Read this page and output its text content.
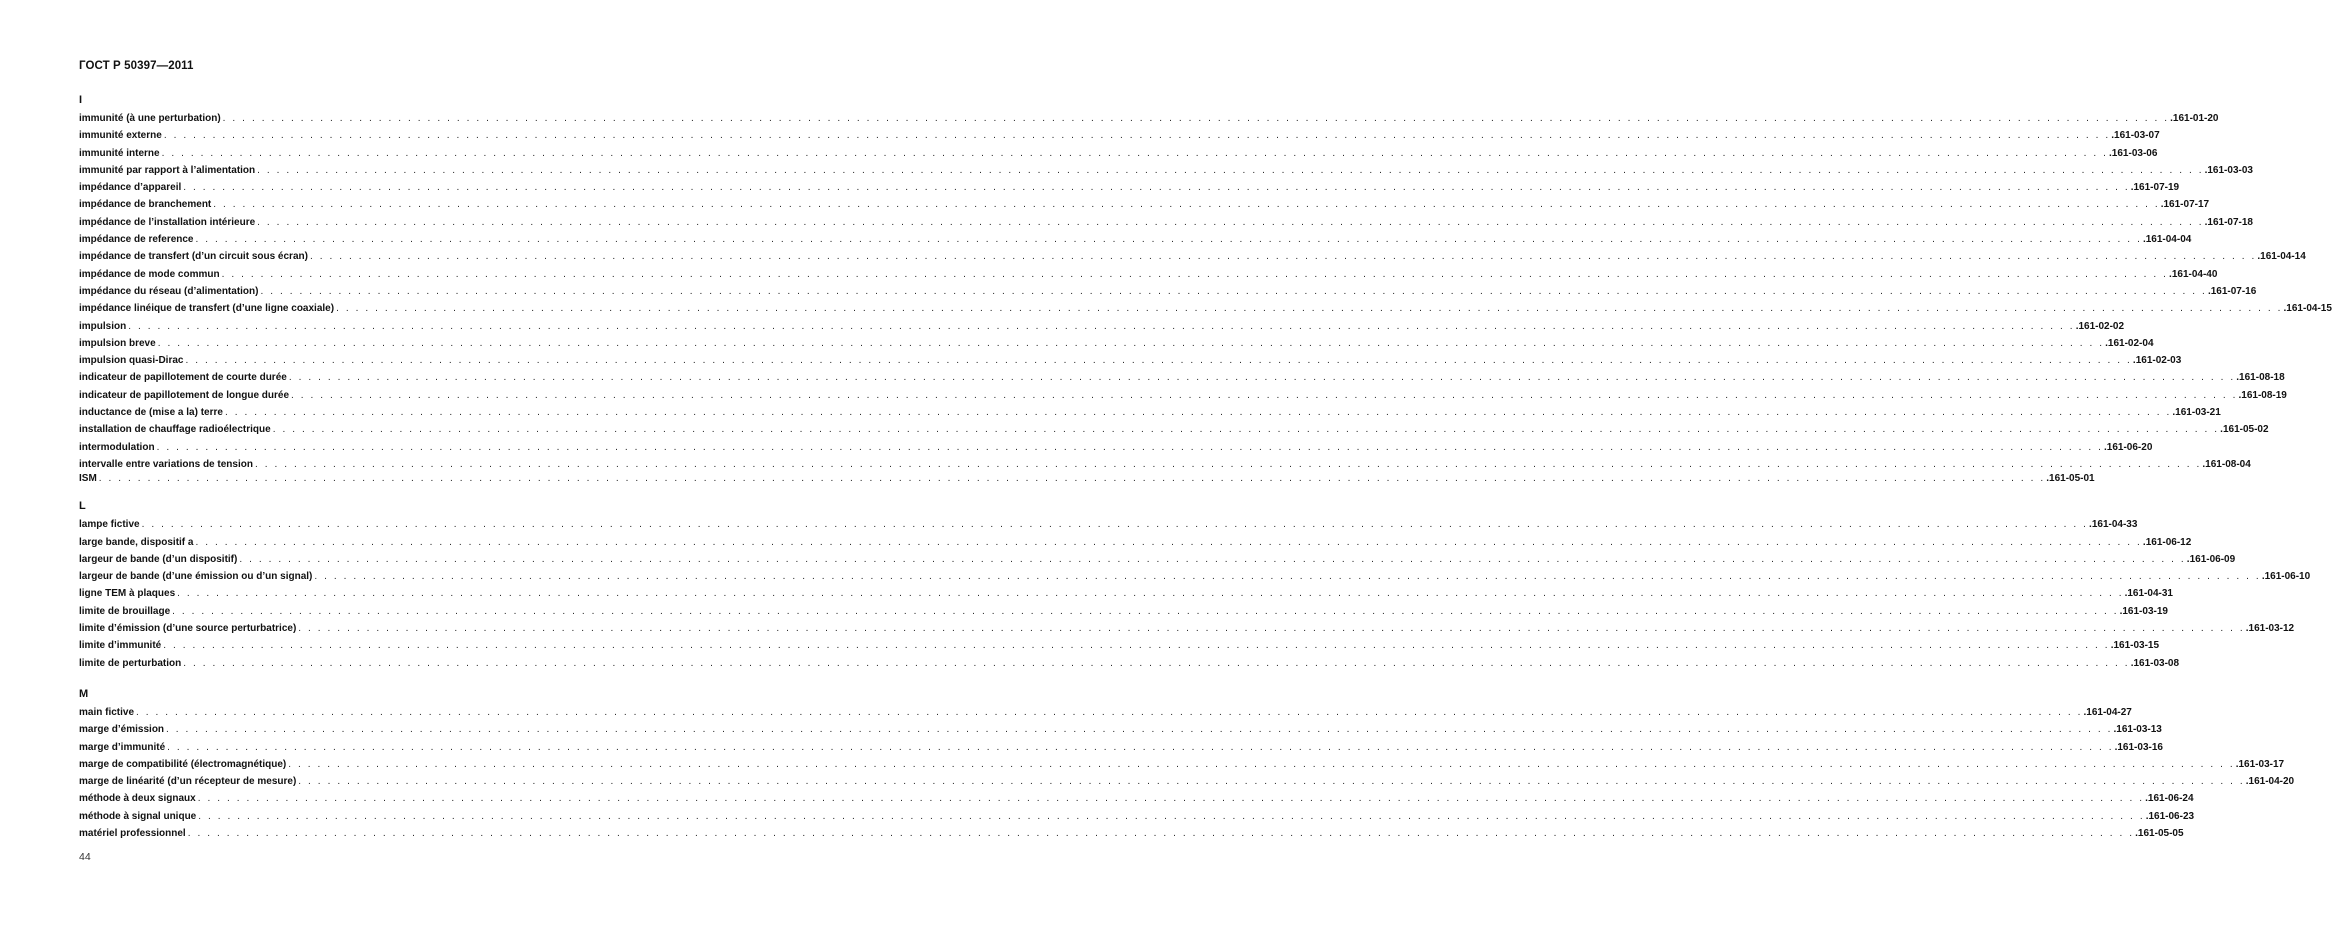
ГОСТ Р 50397—2011
I
immunité (à une perturbation) . . . . . . . . . . . . . . . . . . . . . . . . . . . . . . . . . . . . . . . . . . . . . . . . . . . . . . . . . . . . . . . . . . . . . . . . . . . . . . . . . . . . . . . . . . . . . . . . . . . . . . . . . . . . . . . . . . . . . . . . . . . . . . . . . . . . . . . . . . . . . . . . . . . . . . . . . . . . . . . . . . . . . . . . . . . . . . . . . . . . . . . . . . . . . . . . . . . . . . . . .161-01-20
immunité externe . . . . . . . . . . . . . . . . . . . . . . . . . . . . . . . . . . . . . . . . . . . . . . . . . . . . . . . . . . . . . . . . . . . . . . . . . . . . . . . . . . . . . . . . . . . . . . . . . . . . . . . . . . . . . . . . . . . . . . . . . . . . . . . . . . . . . . . . . . . . . . . . . . . . . . . . . . . . . . . . . . . . . . . . . . . . . . . . . . . . . . . . . . . . . . . . . . . . . . . . .161-03-07
immunité interne . . . . . . . . . . . . . . . . . . . . . . . . . . . . . . . . . . . . . . . . . . . . . . . . . . . . . . . . . . . . . . . . . . . . . . . . . . . . . . . . . . . . . . . . . . . . . . . . . . . . . . . . . . . . . . . . . . . . . . . . . . . . . . . . . . . . . . . . . . . . . . . . . . . . . . . . . . . . . . . . . . . . . . . . . . . . . . . . . . . . . . . . . . . . . . . . . . . . . . . . .161-03-06
immunité par rapport à l’alimentation . . . . . . . . . . . . . . . . . . . . . . . . . . . . . . . . . . . . . . . . . . . . . . . . . . . . . . . . . . . . . . . . . . . . . . . . . . . . . . . . . . . . . . . . . . . . . . . . . . . . . . . . . . . . . . . . . . . . . . . . . . . . . . . . . . . . . . . . . . . . . . . . . . . . . . . . . . . . . . . . . . . . . . . . . . . . . . . . . . . . . . . . . . . . . . . . . . . . . . . . .161-03-03
impédance d’appareil . . . . . . . . . . . . . . . . . . . . . . . . . . . . . . . . . . . . . . . . . . . . . . . . . . . . . . . . . . . . . . . . . . . . . . . . . . . . . . . . . . . . . . . . . . . . . . . . . . . . . . . . . . . . . . . . . . . . . . . . . . . . . . . . . . . . . . . . . . . . . . . . . . . . . . . . . . . . . . . . . . . . . . . . . . . . . . . . . . . . . . . . . . . . . . . . . . . . . . . . .161-07-19
impédance de branchement . . . . . . . . . . . . . . . . . . . . . . . . . . . . . . . . . . . . . . . . . . . . . . . . . . . . . . . . . . . . . . . . . . . . . . . . . . . . . . . . . . . . . . . . . . . . . . . . . . . . . . . . . . . . . . . . . . . . . . . . . . . . . . . . . . . . . . . . . . . . . . . . . . . . . . . . . . . . . . . . . . . . . . . . . . . . . . . . . . . . . . . . . . . . . . . . . . . . . . . . .161-07-17
impédance de l’installation intérieure . . . . . . . . . . . . . . . . . . . . . . . . . . . . . . . . . . . . . . . . . . . . . . . . . . . . . . . . . . . . . . . . . . . . . . . . . . . . . . . . . . . . . . . . . . . . . . . . . . . . . . . . . . . . . . . . . . . . . . . . . . . . . . . . . . . . . . . . . . . . . . . . . . . . . . . . . . . . . . . . . . . . . . . . . . . . . . . . . . . . . . . . . . . . . . . . . . . . . . . . .161-07-18
impédance de reference . . . . . . . . . . . . . . . . . . . . . . . . . . . . . . . . . . . . . . . . . . . . . . . . . . . . . . . . . . . . . . . . . . . . . . . . . . . . . . . . . . . . . . . . . . . . . . . . . . . . . . . . . . . . . . . . . . . . . . . . . . . . . . . . . . . . . . . . . . . . . . . . . . . . . . . . . . . . . . . . . . . . . . . . . . . . . . . . . . . . . . . . . . . . . . . . . . . . . . . . .161-04-04
impédance de transfert (d’un circuit sous écran) . . . . . . . . . . . . . . . . . . . . . . . . . . . . . . . . . . . . . . . . . . . . . . . . . . . . . . . . . . . . . . . . . . . . . . . . . . . . . . . . . . . . . . . . . . . . . . . . . . . . . . . . . . . . . . . . . . . . . . . . . . . . . . . . . . . . . . . . . . . . . . . . . . . . . . . . . . . . . . . . . . . . . . . . . . . . . . . . . . . . . . . . . . . . . . . . . . . . . . . . .161-04-14
impédance de mode commun . . . . . . . . . . . . . . . . . . . . . . . . . . . . . . . . . . . . . . . . . . . . . . . . . . . . . . . . . . . . . . . . . . . . . . . . . . . . . . . . . . . . . . . . . . . . . . . . . . . . . . . . . . . . . . . . . . . . . . . . . . . . . . . . . . . . . . . . . . . . . . . . . . . . . . . . . . . . . . . . . . . . . . . . . . . . . . . . . . . . . . . . . . . . . . . . . . . . . . . . .161-04-40
impédance du réseau (d’alimentation) . . . . . . . . . . . . . . . . . . . . . . . . . . . . . . . . . . . . . . . . . . . . . . . . . . . . . . . . . . . . . . . . . . . . . . . . . . . . . . . . . . . . . . . . . . . . . . . . . . . . . . . . . . . . . . . . . . . . . . . . . . . . . . . . . . . . . . . . . . . . . . . . . . . . . . . . . . . . . . . . . . . . . . . . . . . . . . . . . . . . . . . . . . . . . . . . . . . . . . . . .161-07-16
impédance linéique de transfert (d’une ligne coaxiale) . . . . . . . . . . . . . . . . . . . . . . . . . . . . . . . . . . . . . . . . . . . . . . . . . . . . . . . . . . . . . . . . . . . . . . . . . . . . . . . . . . . . . . . . . . . . . . . . . . . . . . . . . . . . . . . . . . . . . . . . . . . . . . . . . . . . . . . . . . . . . . . . . . . . . . . . . . . . . . . . . . . . . . . . . . . . . . . . . . . . . . . . . . . . . . . . . . . . . . . . .161-04-15
impulsion . . . . . . . . . . . . . . . . . . . . . . . . . . . . . . . . . . . . . . . . . . . . . . . . . . . . . . . . . . . . . . . . . . . . . . . . . . . . . . . . . . . . . . . . . . . . . . . . . . . . . . . . . . . . . . . . . . . . . . . . . . . . . . . . . . . . . . . . . . . . . . . . . . . . . . . . . . . . . . . . . . . . . . . . . . . . . . . . . . . . . . . . . . . . . . . . . . . . . . . . .161-02-02
impulsion breve . . . . . . . . . . . . . . . . . . . . . . . . . . . . . . . . . . . . . . . . . . . . . . . . . . . . . . . . . . . . . . . . . . . . . . . . . . . . . . . . . . . . . . . . . . . . . . . . . . . . . . . . . . . . . . . . . . . . . . . . . . . . . . . . . . . . . . . . . . . . . . . . . . . . . . . . . . . . . . . . . . . . . . . . . . . . . . . . . . . . . . . . . . . . . . . . . . . . . . . . .161-02-04
impulsion quasi-Dirac . . . . . . . . . . . . . . . . . . . . . . . . . . . . . . . . . . . . . . . . . . . . . . . . . . . . . . . . . . . . . . . . . . . . . . . . . . . . . . . . . . . . . . . . . . . . . . . . . . . . . . . . . . . . . . . . . . . . . . . . . . . . . . . . . . . . . . . . . . . . . . . . . . . . . . . . . . . . . . . . . . . . . . . . . . . . . . . . . . . . . . . . . . . . . . . . . . . . . . . . .161-02-03
indicateur de papillotement de courte durée . . . . . . . . . . . . . . . . . . . . . . . . . . . . . . . . . . . . . . . . . . . . . . . . . . . . . . . . . . . . . . . . . . . . . . . . . . . . . . . . . . . . . . . . . . . . . . . . . . . . . . . . . . . . . . . . . . . . . . . . . . . . . . . . . . . . . . . . . . . . . . . . . . . . . . . . . . . . . . . . . . . . . . . . . . . . . . . . . . . . . . . . . . . . . . . . . . . . . . . . .161-08-18
indicateur de papillotement de longue durée . . . . . . . . . . . . . . . . . . . . . . . . . . . . . . . . . . . . . . . . . . . . . . . . . . . . . . . . . . . . . . . . . . . . . . . . . . . . . . . . . . . . . . . . . . . . . . . . . . . . . . . . . . . . . . . . . . . . . . . . . . . . . . . . . . . . . . . . . . . . . . . . . . . . . . . . . . . . . . . . . . . . . . . . . . . . . . . . . . . . . . . . . . . . . . . . . . . . . . . . .161-08-19
inductance de (mise a la) terre . . . . . . . . . . . . . . . . . . . . . . . . . . . . . . . . . . . . . . . . . . . . . . . . . . . . . . . . . . . . . . . . . . . . . . . . . . . . . . . . . . . . . . . . . . . . . . . . . . . . . . . . . . . . . . . . . . . . . . . . . . . . . . . . . . . . . . . . . . . . . . . . . . . . . . . . . . . . . . . . . . . . . . . . . . . . . . . . . . . . . . . . . . . . . . . . . . . . . . . . .161-03-21
installation de chauffage radioélectrique . . . . . . . . . . . . . . . . . . . . . . . . . . . . . . . . . . . . . . . . . . . . . . . . . . . . . . . . . . . . . . . . . . . . . . . . . . . . . . . . . . . . . . . . . . . . . . . . . . . . . . . . . . . . . . . . . . . . . . . . . . . . . . . . . . . . . . . . . . . . . . . . . . . . . . . . . . . . . . . . . . . . . . . . . . . . . . . . . . . . . . . . . . . . . . . . . . . . . . . . .161-05-02
intermodulation . . . . . . . . . . . . . . . . . . . . . . . . . . . . . . . . . . . . . . . . . . . . . . . . . . . . . . . . . . . . . . . . . . . . . . . . . . . . . . . . . . . . . . . . . . . . . . . . . . . . . . . . . . . . . . . . . . . . . . . . . . . . . . . . . . . . . . . . . . . . . . . . . . . . . . . . . . . . . . . . . . . . . . . . . . . . . . . . . . . . . . . . . . . . . . . . . . . . . . . . .161-06-20
intervalle entre variations de tension . . . . . . . . . . . . . . . . . . . . . . . . . . . . . . . . . . . . . . . . . . . . . . . . . . . . . . . . . . . . . . . . . . . . . . . . . . . . . . . . . . . . . . . . . . . . . . . . . . . . . . . . . . . . . . . . . . . . . . . . . . . . . . . . . . . . . . . . . . . . . . . . . . . . . . . . . . . . . . . . . . . . . . . . . . . . . . . . . . . . . . . . . . . . . . . . . . . . . . . . .161-08-04
ISM . . . . . . . . . . . . . . . . . . . . . . . . . . . . . . . . . . . . . . . . . . . . . . . . . . . . . . . . . . . . . . . . . . . . . . . . . . . . . . . . . . . . . . . . . . . . . . . . . . . . . . . . . . . . . . . . . . . . . . . . . . . . . . . . . . . . . . . . . . . . . . . . . . . . . . . . . . . . . . . . . . . . . . . . . . . . . . . . . . . . . . . . . . . . . . . . . . . . . . . . .161-05-01
L
lampe fictive . . . . . . . . . . . . . . . . . . . . . . . . . . . . . . . . . . . . . . . . . . . . . . . . . . . . . . . . . . . . . . . . . . . . . . . . . . . . . . . . . . . . . . . . . . . . . . . . . . . . . . . . . . . . . . . . . . . . . . . . . . . . . . . . . . . . . . . . . . . . . . . . . . . . . . . . . . . . . . . . . . . . . . . . . . . . . . . . . . . . . . . . . . . . . . . . . . . . . . . . .161-04-33
large bande, dispositif a . . . . . . . . . . . . . . . . . . . . . . . . . . . . . . . . . . . . . . . . . . . . . . . . . . . . . . . . . . . . . . . . . . . . . . . . . . . . . . . . . . . . . . . . . . . . . . . . . . . . . . . . . . . . . . . . . . . . . . . . . . . . . . . . . . . . . . . . . . . . . . . . . . . . . . . . . . . . . . . . . . . . . . . . . . . . . . . . . . . . . . . . . . . . . . . . . . . . . . . . .161-06-12
largeur de bande (d’un dispositif) . . . . . . . . . . . . . . . . . . . . . . . . . . . . . . . . . . . . . . . . . . . . . . . . . . . . . . . . . . . . . . . . . . . . . . . . . . . . . . . . . . . . . . . . . . . . . . . . . . . . . . . . . . . . . . . . . . . . . . . . . . . . . . . . . . . . . . . . . . . . . . . . . . . . . . . . . . . . . . . . . . . . . . . . . . . . . . . . . . . . . . . . . . . . . . . . . . . . . . . . .161-06-09
largeur de bande (d’une émission ou d’un signal) . . . . . . . . . . . . . . . . . . . . . . . . . . . . . . . . . . . . . . . . . . . . . . . . . . . . . . . . . . . . . . . . . . . . . . . . . . . . . . . . . . . . . . . . . . . . . . . . . . . . . . . . . . . . . . . . . . . . . . . . . . . . . . . . . . . . . . . . . . . . . . . . . . . . . . . . . . . . . . . . . . . . . . . . . . . . . . . . . . . . . . . . . . . . . . . . . . . . . . . . .161-06-10
ligne TEM à plaques . . . . . . . . . . . . . . . . . . . . . . . . . . . . . . . . . . . . . . . . . . . . . . . . . . . . . . . . . . . . . . . . . . . . . . . . . . . . . . . . . . . . . . . . . . . . . . . . . . . . . . . . . . . . . . . . . . . . . . . . . . . . . . . . . . . . . . . . . . . . . . . . . . . . . . . . . . . . . . . . . . . . . . . . . . . . . . . . . . . . . . . . . . . . . . . . . . . . . . . . .161-04-31
limite de brouillage . . . . . . . . . . . . . . . . . . . . . . . . . . . . . . . . . . . . . . . . . . . . . . . . . . . . . . . . . . . . . . . . . . . . . . . . . . . . . . . . . . . . . . . . . . . . . . . . . . . . . . . . . . . . . . . . . . . . . . . . . . . . . . . . . . . . . . . . . . . . . . . . . . . . . . . . . . . . . . . . . . . . . . . . . . . . . . . . . . . . . . . . . . . . . . . . . . . . . . . . .161-03-19
limite d’émission (d’une source perturbatrice) . . . . . . . . . . . . . . . . . . . . . . . . . . . . . . . . . . . . . . . . . . . . . . . . . . . . . . . . . . . . . . . . . . . . . . . . . . . . . . . . . . . . . . . . . . . . . . . . . . . . . . . . . . . . . . . . . . . . . . . . . . . . . . . . . . . . . . . . . . . . . . . . . . . . . . . . . . . . . . . . . . . . . . . . . . . . . . . . . . . . . . . . . . . . . . . . . . . . . . . . .161-03-12
limite d’immunité . . . . . . . . . . . . . . . . . . . . . . . . . . . . . . . . . . . . . . . . . . . . . . . . . . . . . . . . . . . . . . . . . . . . . . . . . . . . . . . . . . . . . . . . . . . . . . . . . . . . . . . . . . . . . . . . . . . . . . . . . . . . . . . . . . . . . . . . . . . . . . . . . . . . . . . . . . . . . . . . . . . . . . . . . . . . . . . . . . . . . . . . . . . . . . . . . . . . . . . . .161-03-15
limite de perturbation . . . . . . . . . . . . . . . . . . . . . . . . . . . . . . . . . . . . . . . . . . . . . . . . . . . . . . . . . . . . . . . . . . . . . . . . . . . . . . . . . . . . . . . . . . . . . . . . . . . . . . . . . . . . . . . . . . . . . . . . . . . . . . . . . . . . . . . . . . . . . . . . . . . . . . . . . . . . . . . . . . . . . . . . . . . . . . . . . . . . . . . . . . . . . . . . . . . . . . . . .161-03-08
M
main fictive . . . . . . . . . . . . . . . . . . . . . . . . . . . . . . . . . . . . . . . . . . . . . . . . . . . . . . . . . . . . . . . . . . . . . . . . . . . . . . . . . . . . . . . . . . . . . . . . . . . . . . . . . . . . . . . . . . . . . . . . . . . . . . . . . . . . . . . . . . . . . . . . . . . . . . . . . . . . . . . . . . . . . . . . . . . . . . . . . . . . . . . . . . . . . . . . . . . . . . . . .161-04-27
marge d’émission . . . . . . . . . . . . . . . . . . . . . . . . . . . . . . . . . . . . . . . . . . . . . . . . . . . . . . . . . . . . . . . . . . . . . . . . . . . . . . . . . . . . . . . . . . . . . . . . . . . . . . . . . . . . . . . . . . . . . . . . . . . . . . . . . . . . . . . . . . . . . . . . . . . . . . . . . . . . . . . . . . . . . . . . . . . . . . . . . . . . . . . . . . . . . . . . . . . . . . . . .161-03-13
marge d’immunité . . . . . . . . . . . . . . . . . . . . . . . . . . . . . . . . . . . . . . . . . . . . . . . . . . . . . . . . . . . . . . . . . . . . . . . . . . . . . . . . . . . . . . . . . . . . . . . . . . . . . . . . . . . . . . . . . . . . . . . . . . . . . . . . . . . . . . . . . . . . . . . . . . . . . . . . . . . . . . . . . . . . . . . . . . . . . . . . . . . . . . . . . . . . . . . . . . . . . . . . .161-03-16
marge de compatibilité (électromagnétique) . . . . . . . . . . . . . . . . . . . . . . . . . . . . . . . . . . . . . . . . . . . . . . . . . . . . . . . . . . . . . . . . . . . . . . . . . . . . . . . . . . . . . . . . . . . . . . . . . . . . . . . . . . . . . . . . . . . . . . . . . . . . . . . . . . . . . . . . . . . . . . . . . . . . . . . . . . . . . . . . . . . . . . . . . . . . . . . . . . . . . . . . . . . . . . . . . . . . . . . . .161-03-17
marge de linéarité (d’un récepteur de mesure) . . . . . . . . . . . . . . . . . . . . . . . . . . . . . . . . . . . . . . . . . . . . . . . . . . . . . . . . . . . . . . . . . . . . . . . . . . . . . . . . . . . . . . . . . . . . . . . . . . . . . . . . . . . . . . . . . . . . . . . . . . . . . . . . . . . . . . . . . . . . . . . . . . . . . . . . . . . . . . . . . . . . . . . . . . . . . . . . . . . . . . . . . . . . . . . . . . . . . . . . .161-04-20
méthode à deux signaux . . . . . . . . . . . . . . . . . . . . . . . . . . . . . . . . . . . . . . . . . . . . . . . . . . . . . . . . . . . . . . . . . . . . . . . . . . . . . . . . . . . . . . . . . . . . . . . . . . . . . . . . . . . . . . . . . . . . . . . . . . . . . . . . . . . . . . . . . . . . . . . . . . . . . . . . . . . . . . . . . . . . . . . . . . . . . . . . . . . . . . . . . . . . . . . . . . . . . . . . .161-06-24
méthode à signal unique . . . . . . . . . . . . . . . . . . . . . . . . . . . . . . . . . . . . . . . . . . . . . . . . . . . . . . . . . . . . . . . . . . . . . . . . . . . . . . . . . . . . . . . . . . . . . . . . . . . . . . . . . . . . . . . . . . . . . . . . . . . . . . . . . . . . . . . . . . . . . . . . . . . . . . . . . . . . . . . . . . . . . . . . . . . . . . . . . . . . . . . . . . . . . . . . . . . . . . . . .161-06-23
matériel professionnel . . . . . . . . . . . . . . . . . . . . . . . . . . . . . . . . . . . . . . . . . . . . . . . . . . . . . . . . . . . . . . . . . . . . . . . . . . . . . . . . . . . . . . . . . . . . . . . . . . . . . . . . . . . . . . . . . . . . . . . . . . . . . . . . . . . . . . . . . . . . . . . . . . . . . . . . . . . . . . . . . . . . . . . . . . . . . . . . . . . . . . . . . . . . . . . . . . . . . . . . .161-05-05
44
